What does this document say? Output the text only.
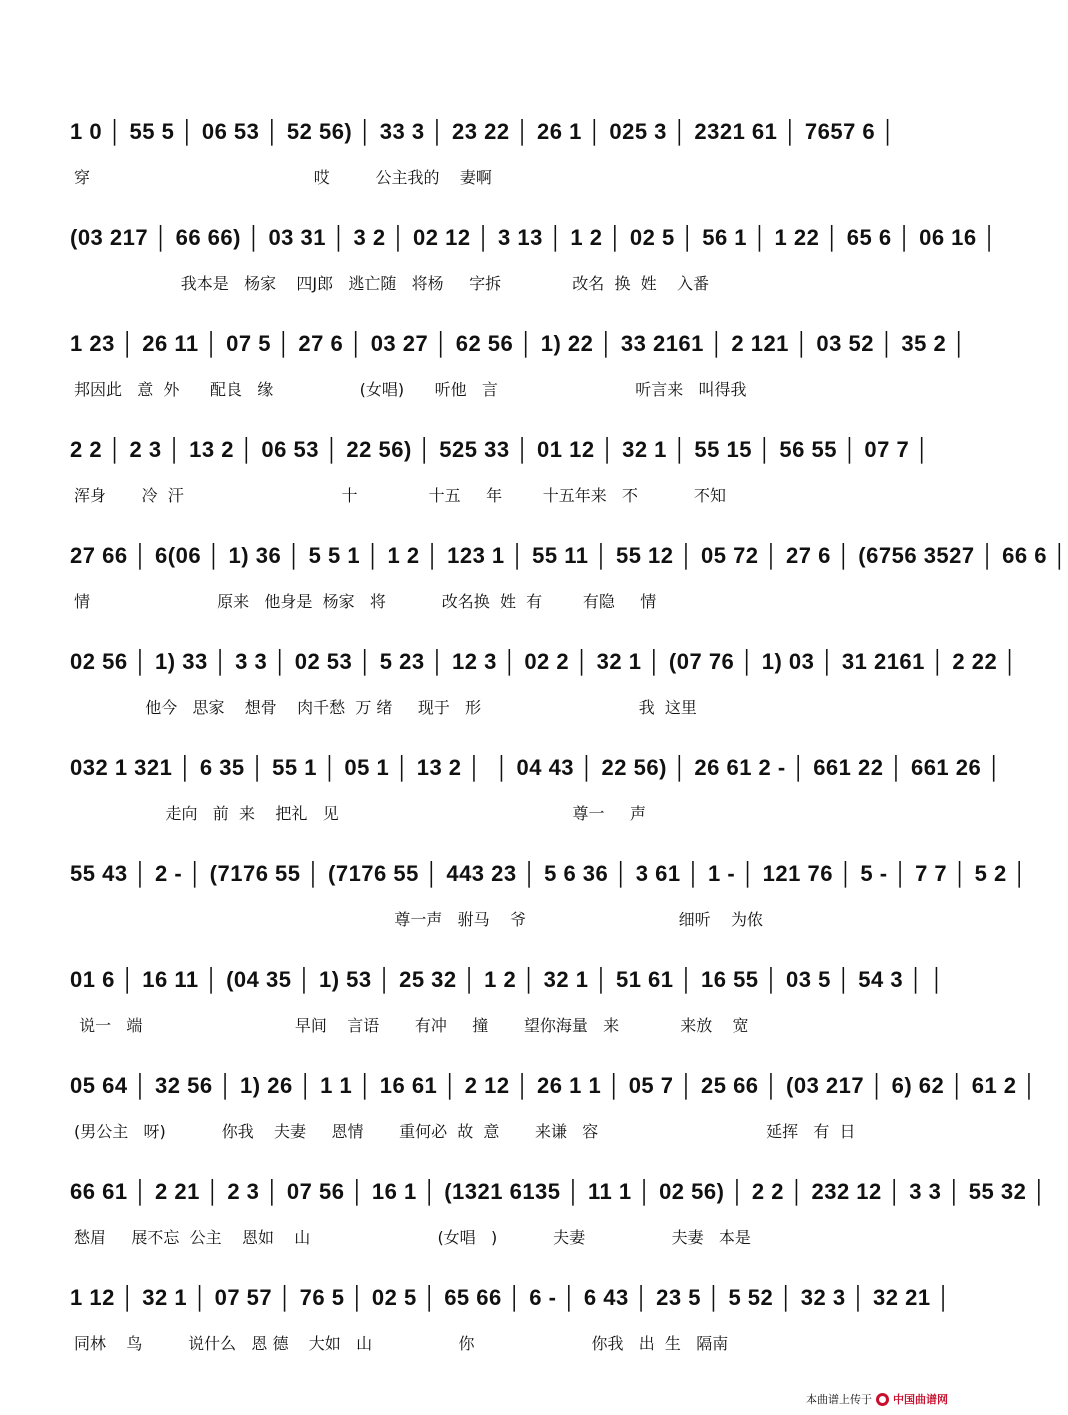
1 0 │ 55 5 │ 06 53 │ 52 56) │ 33 3 │ 23 22 │ 26 1 │ 025 3 │ 2321 61 │ 7657 6 │
穿                                            哎         公主我的    妻啊
(03 217 │ 66 66) │ 03 31 │ 3 2 │ 02 12 │ 3 13 │ 1 2 │ 02 5 │ 56 1 │ 1 22 │ 65 6 │ 06 16 │
我本是   杨家    四J郎   逃亡随   将杨     字拆              改名  换  姓    入番
1 23 │ 26 11 │ 07 5 │ 27 6 │ 03 27 │ 62 56 │ 1) 22 │ 33 2161 │ 2 121 │ 03 52 │ 35 2 │
邦因此   意  外      配良   缘                 (女唱)      听他   言                           听言来   叫得我
2 2 │ 2 3 │ 13 2 │ 06 53 │ 22 56) │ 525 33 │ 01 12 │ 32 1 │ 55 15 │ 56 55 │ 07 7 │
浑身       冷  汗                               十              十五     年        十五年来   不           不知
27 66 │ 6(06 │ 1) 36 │ 5 5 1 │ 1 2 │ 123 1 │ 55 11 │ 55 12 │ 05 72 │ 27 6 │ (6756 3527 │ 66 6 │
情                         原来   他身是  杨家   将           改名换  姓  有        有隐     情
02 56 │ 1) 33 │ 3 3 │ 02 53 │ 5 23 │ 12 3 │ 02 2 │ 32 1 │ (07 76 │ 1) 03 │ 31 2161 │ 2 22 │
他今   思家    想骨    肉千愁  万 绪     现于   形                               我  这里
032 1 321 │ 6 35 │ 55 1 │ 05 1 │ 13 2 │  │ 04 43 │ 22 56) │ 26 61 2 - │ 661 22 │ 661 26 │
走向   前  来    把礼   见                                              尊一     声
55 43 │ 2 - │ (7176 55 │ (7176 55 │ 443 23 │ 5 6 36 │ 3 61 │ 1 - │ 121 76 │ 5 - │ 7 7 │ 5 2 │
尊一声   驸马    爷                              细听    为侬
01 6 │ 16 11 │ (04 35 │ 1) 53 │ 25 32 │ 1 2 │ 32 1 │ 51 61 │ 16 55 │ 03 5 │ 54 3 │ │
说一   端                              早间    言语       有冲     撞       望你海量   来            来放    宽
05 64 │ 32 56 │ 1) 26 │ 1 1 │ 16 61 │ 2 12 │ 26 1 1 │ 05 7 │ 25 66 │ (03 217 │ 6) 62 │ 61 2 │
(男公主   呀)           你我    夫妻     恩情       重何必  故  意       来谦   容                                 延挥   有  日
66 61 │ 2 21 │ 2 3 │ 07 56 │ 16 1 │ (1321 6135 │ 11 1 │ 02 56) │ 2 2 │ 232 12 │ 3 3 │ 55 32 │
愁眉     展不忘  公主    恩如    山                         (女唱   )           夫妻                 夫妻   本是
1 12 │ 32 1 │ 07 57 │ 76 5 │ 02 5 │ 65 66 │ 6 - │ 6 43 │ 23 5 │ 5 52 │ 32 3 │ 32 21 │
同林    鸟         说什么   恩 德    大如   山                 你                       你我   出  生   隔南
本曲谱上传于 中国曲谱网
